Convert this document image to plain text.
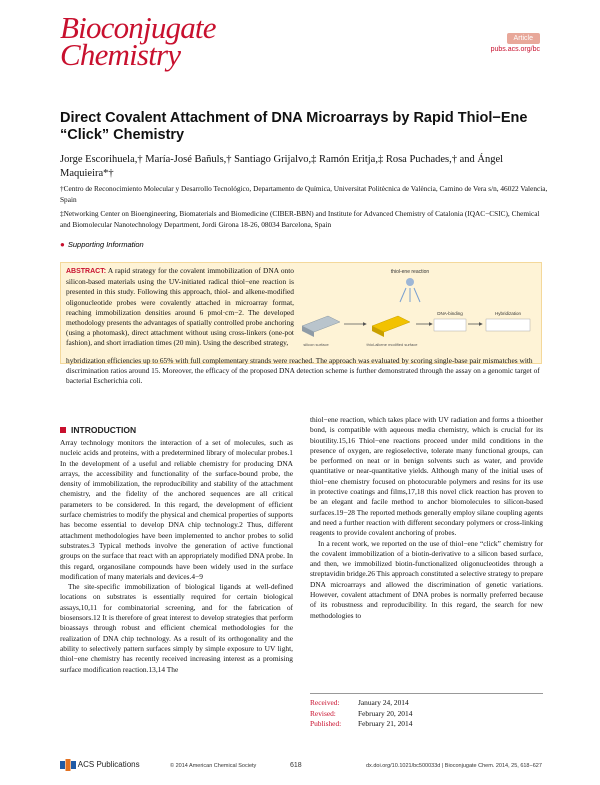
Bioconjugate
Chemistry	Article
pubs.acs.org/bc
Direct Covalent Attachment of DNA Microarrays by Rapid Thiol−Ene “Click” Chemistry
Jorge Escorihuela,† María-José Bañuls,† Santiago Grijalvo,‡ Ramón Eritja,‡ Rosa Puchades,† and Ángel Maquieira*†
†Centro de Reconocimiento Molecular y Desarrollo Tecnológico, Departamento de Química, Universitat Politècnica de València, Camino de Vera s/n, 46022 Valencia, Spain
‡Networking Center on Bioengineering, Biomaterials and Biomedicine (CIBER-BBN) and Institute for Advanced Chemistry of Catalonia (IQAC−CSIC), Chemical and Biomolecular Nanotechnology Department, Jordi Girona 18-26, 08034 Barcelona, Spain
● Supporting Information
ABSTRACT: A rapid strategy for the covalent immobilization of DNA onto silicon-based materials using the UV-initiated radical thiol−ene reaction is presented in this study. Following this approach, thiol- and alkene-modified oligonucleotide probes were covalently attached in microarray format, reaching immobilization densities around 6 pmol·cm−2. The developed methodology presents the advantages of spatially controlled probe anchoring (using a photomask), direct attachment without using cross-linkers (one-pot fashion), and short irradiation times (20 min). Using the described strategy,
thiol-ene reaction
DNA-binding	Hybridization
silicon surface	thiol-alkene modified surface
hybridization efficiencies up to 65% with full complementary strands were reached. The approach was evaluated by scoring single-base pair mismatches with discrimination ratios around 15. Moreover, the efficacy of the proposed DNA detection scheme is further demonstrated through the assay on a genomic target of bacterial Escherichia coli.
INTRODUCTION

Array technology monitors the interaction of a set of molecules, such as nucleic acids and proteins, with a predetermined library of molecular probes.1 In the development of a useful and reliable chemistry for producing DNA arrays, the accessibility and functionality of the surface-bound probe, the density of immobilization, the reproducibility and stability of the attachment chemistry, and the fidelity of the anchored sequences are all critical parameters to be considered. In this regard, the development of efficient surface chemistries to modify the physical and chemical properties of supports has become essential to develop DNA chip technology.2 Thus, different attachment methodologies have been implemented to anchor probes to solid substrates.3 Typical methods involve the generation of active functional groups on the surface that react with an appropriately modified DNA probe. In this regard, organosilane compounds have been widely used in the surface modification of many materials and devices.4−9

The site-specific immobilization of biological ligands at well-defined locations on substrates is essentially required for certain biological assays,10,11 for combinatorial screening, and for the fabrication of biosensors.12 It is therefore of great interest to develop strategies that perform bioassays through robust and efficient chemical methodologies for the realization of DNA chip technology. As a result of its orthogonality and the ability to selectively pattern surfaces simply by simple exposure to UV light, thiol−ene chemistry has recently received increasing interest as a promising surface modification reaction.13,14 The

thiol−ene reaction, which takes place with UV radiation and forms a thioether bond, is compatible with aqueous media chemistry, which is crucial for its bioutility.15,16 Thiol−ene reactions proceed under mild conditions in the presence of oxygen, are regioselective, tolerate many functional groups, can be performed on neat or in benign solvents such as water, and provide quantitative or near-quantitative yields. Although many of the initial uses of thiol−ene chemistry focused on photocurable polymers and resins for its use in protective coatings and films,17,18 this novel click reaction has proven to be an elegant and facile method to anchor biomolecules to silicon-based surfaces.19−28 The reported methods generally employ silane coupling agents and need a further reaction with different secondary polymers or cross-linking reagents to provide covalent anchoring of probes.

In a recent work, we reported on the use of thiol−ene “click” chemistry for the covalent immobilization of a biotin-derivative to a silicon based surface, and then, we immobilized biotin-functionalized oligonucleotides through a streptavidin bridge.26 This approach constituted a selective strategy to prepare DNA microarrays and allowed the discrimination of genetic variations. However, covalent attachment of DNA probes is normally preferred because of its robustness and reproducibility. In this regard, the search for new methodologies to

Received: January 24, 2014
Revised:	February 20, 2014
Published: February 21, 2014
ACS Publications	© 2014 American Chemical Society	618	dx.doi.org/10.1021/bc500033d | Bioconjugate Chem. 2014, 25, 618−627
